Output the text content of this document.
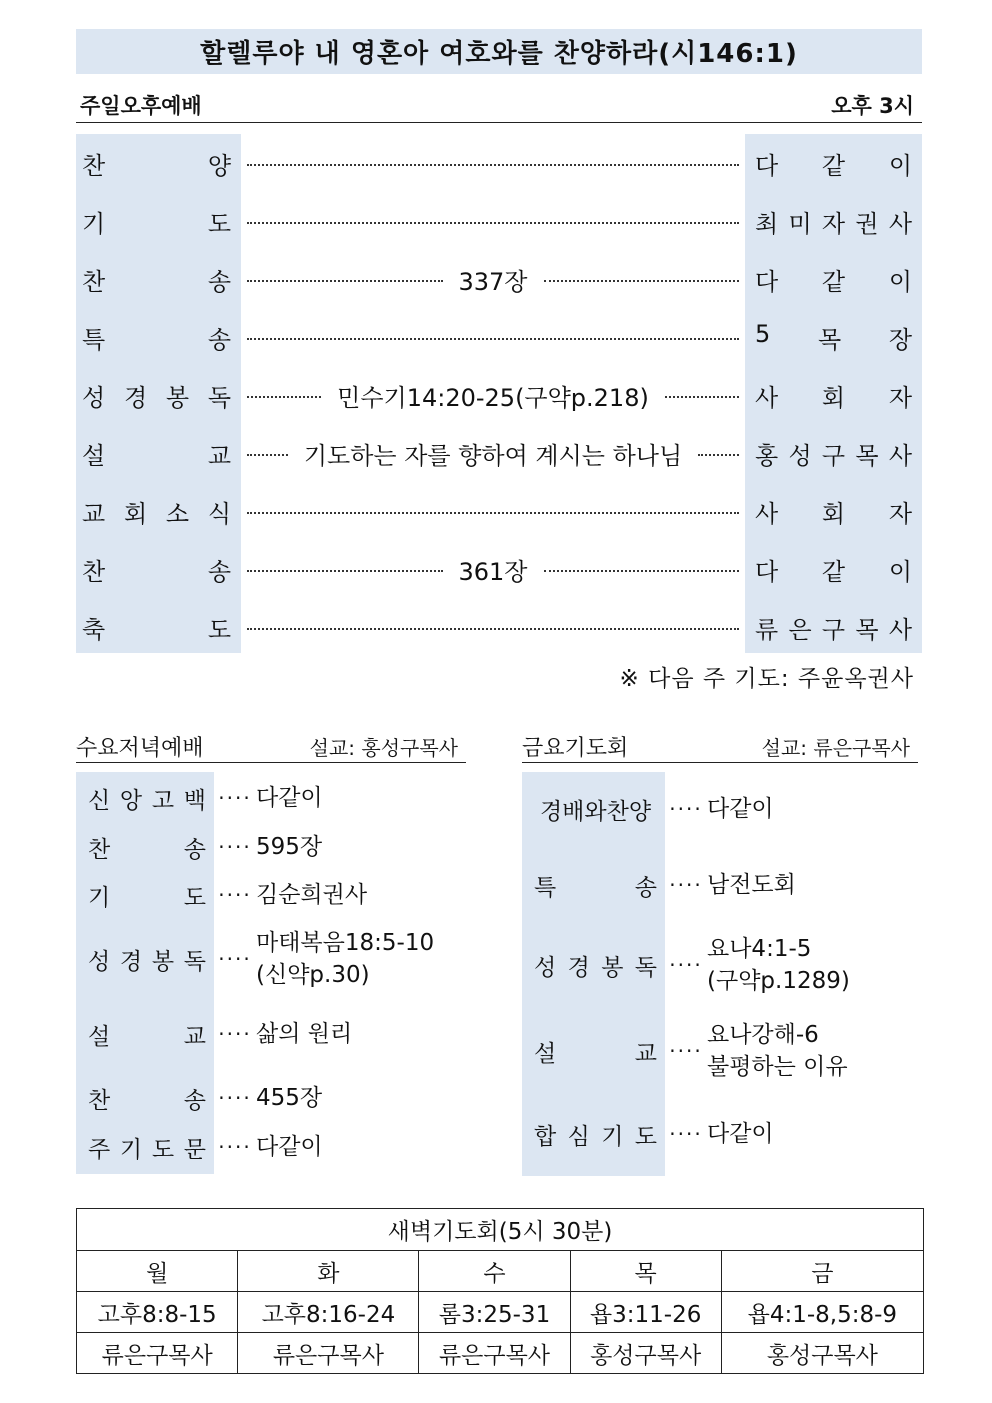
할렐루야 내 영혼아 여호와를 찬양하라(시146:1)
주일오후예배	오후 3시
찬	양	다 같 이
기	도	최 미 자 권 사
찬	송	337장	다 같 이
특	송	5 목 장
성 경 봉 독	민수기14:20-25(구약p.218)	사 회 자
설	교	기도하는 자를 향하여 계시는 하나님	홍 성 구 목 사
교 회 소 식	사 회 자
찬	송	361장	다 같 이
축	도	류 은 구 목 사
※ 다음 주 기도: 주윤옥권사
수요저녁예배	설교: 홍성구목사
신 앙 고 백 ···· 다같이
찬	송 ···· 595장
기	도 ···· 김순희권사
성 경 봉 독 ····
마태복음18:5-10
(신약p.30)
설	교 ···· 삶의 원리
찬	송 ···· 455장
주 기 도 문 ···· 다같이
금요기도회	설교: 류은구목사
경배와찬양 ···· 다같이
특	송 ···· 남전도회
성 경 봉 독 ····
요나4:1-5
(구약p.1289)
설	교 ····
요나강해-6
불평하는 이유
합 심 기 도 ···· 다같이
새벽기도회(5시 30분)				
월	화	수	목	금
고후8:8-15	고후8:16-24	롬3:25-31	욥3:11-26	욥4:1-8,5:8-9
류은구목사	류은구목사	류은구목사	홍성구목사	홍성구목사
